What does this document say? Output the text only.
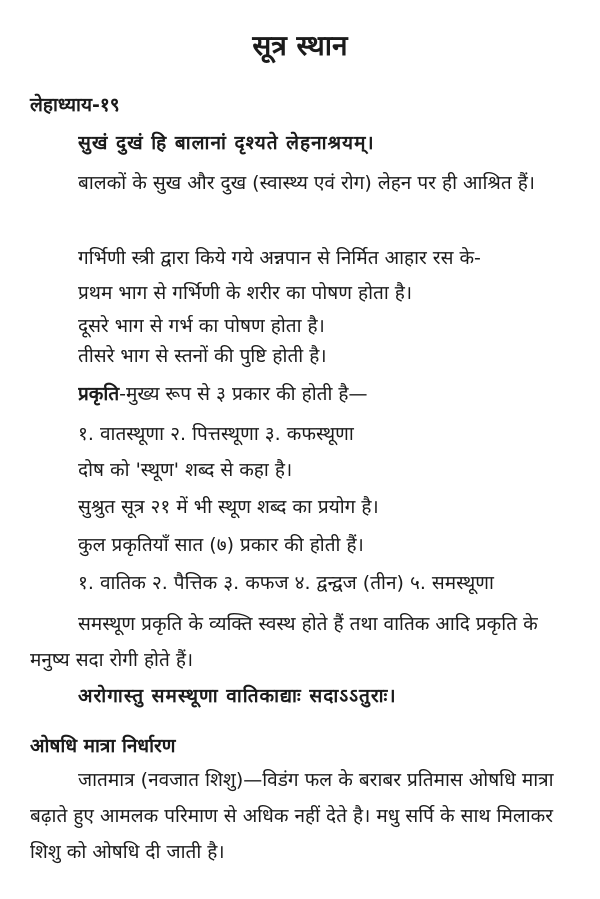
सूत्र स्थान
लेहाध्याय-१९
सुखं दुखं हि बालानां दृश्यते लेहनाश्रयम्।
बालकों के सुख और दुख (स्वास्थ्य एवं रोग) लेहन पर ही आश्रित हैं।
गर्भिणी स्त्री द्वारा किये गये अन्नपान से निर्मित आहार रस के-
प्रथम भाग से गर्भिणी के शरीर का पोषण होता है।
दूसरे भाग से गर्भ का पोषण होता है।
तीसरे भाग से स्तनों की पुष्टि होती है।
प्रकृति-मुख्य रूप से ३ प्रकार की होती है—
१. वातस्थूणा २. पित्तस्थूणा ३. कफस्थूणा
दोष को 'स्थूण' शब्द से कहा है।
सुश्रुत सूत्र २१ में भी स्थूण शब्द का प्रयोग है।
कुल प्रकृतियाँ सात (७) प्रकार की होती हैं।
१. वातिक २. पैत्तिक ३. कफज ४. द्वन्द्वज (तीन) ५. समस्थूणा
समस्थूण प्रकृति के व्यक्ति स्वस्थ होते हैं तथा वातिक आदि प्रकृति के मनुष्य सदा रोगी होते हैं।
अरोगास्तु समस्थूणा वातिकाद्याः सदाऽऽतुराः।
ओषधि मात्रा निर्धारण
जातमात्र (नवजात शिशु)—विडंग फल के बराबर प्रतिमास ओषधि मात्रा बढ़ाते हुए आमलक परिमाण से अधिक नहीं देते है। मधु सर्पि के साथ मिलाकर शिशु को ओषधि दी जाती है।
